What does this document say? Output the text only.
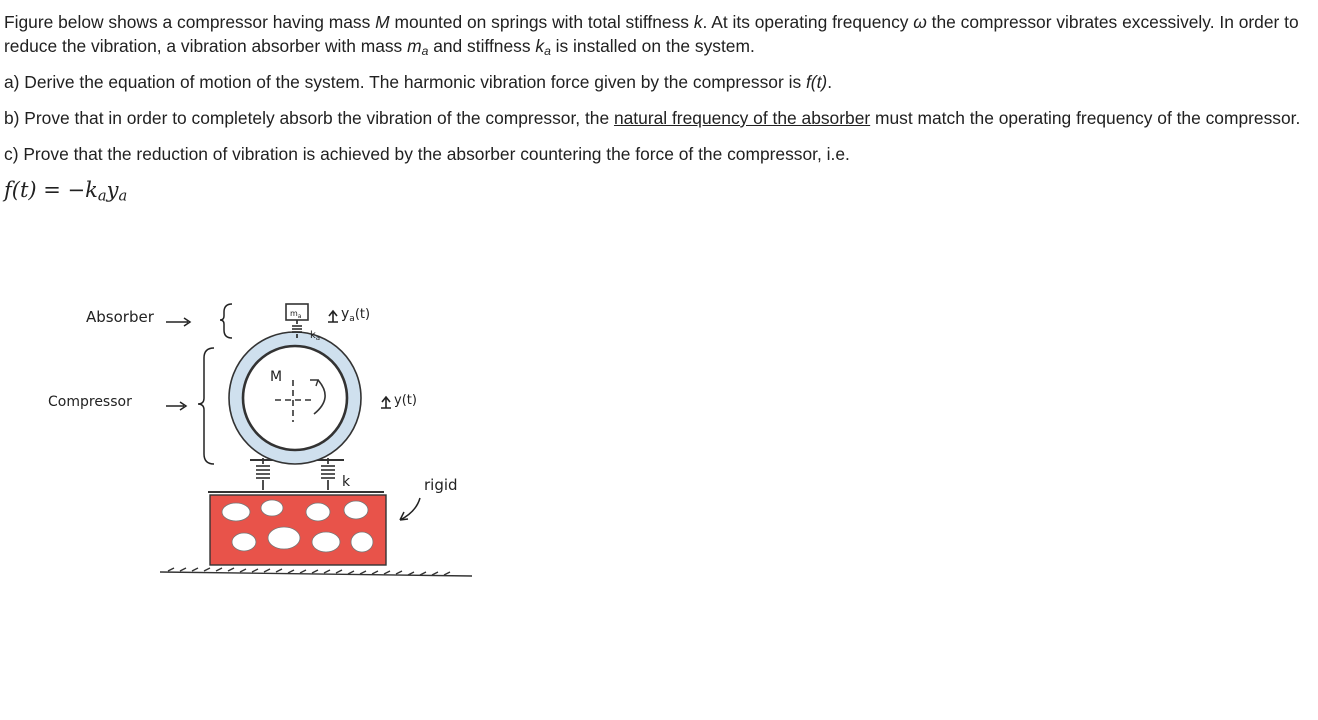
Figure below shows a compressor having mass M mounted on springs with total stiffness k. At its operating frequency ω the compressor vibrates excessively. In order to reduce the vibration, a vibration absorber with mass $m_a$ and stiffness $k_a$ is installed on the system.

a) Derive the equation of motion of the system. The harmonic vibration force given by the compressor is f(t).

b) Prove that in order to completely absorb the vibration of the compressor, the natural frequency of the absorber must match the operating frequency of the compressor.

c) Prove that the reduction of vibration is achieved by the absorber countering the force of the compressor, i.e.

$f(t) = -k_ay_a$
M
$m_a$
$k_a$
$y_a(t)$
y(t)
k	rigid
Absorber
Compressor
